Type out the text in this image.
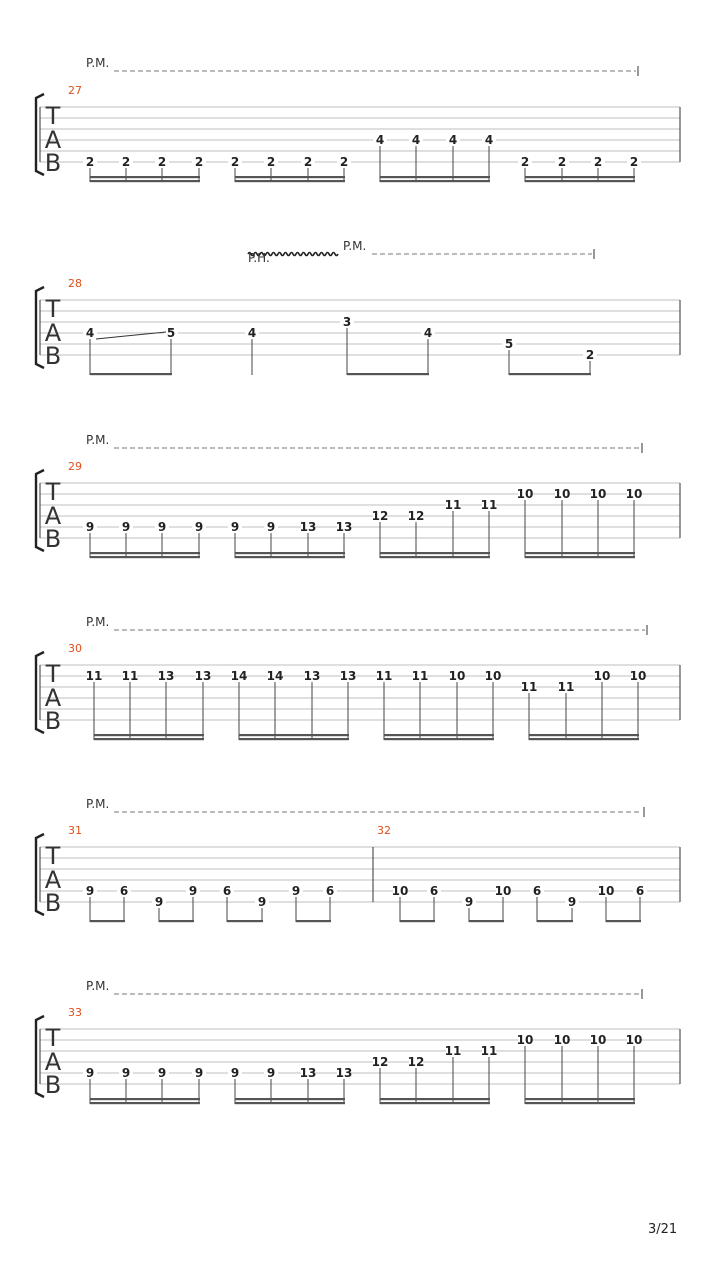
P.M.
T
A
B
27
2 2 2 2 2 2 2 2
4 4 4 4
2 2 2 2
P.M.
P.H.
T
A
B
28
4	5	4
3
4
5
2
P.M.
T
A
B
29
9 9 9 9 9 9 13 13
12 12
11 11
10 10 10 10
P.M.
T
A
B
30
11 11 13 13 14 14 13 13 11 11 10 10
11 11
10 10
P.M.
T
A
B
31
9 6
9
9 6
9
9 6
32
10 6
9
10 6
9
10 6
P.M.
T
A
B
33
9 9 9 9 9 9 13 13
12 12
11 11
10 10 10 10
3/21
